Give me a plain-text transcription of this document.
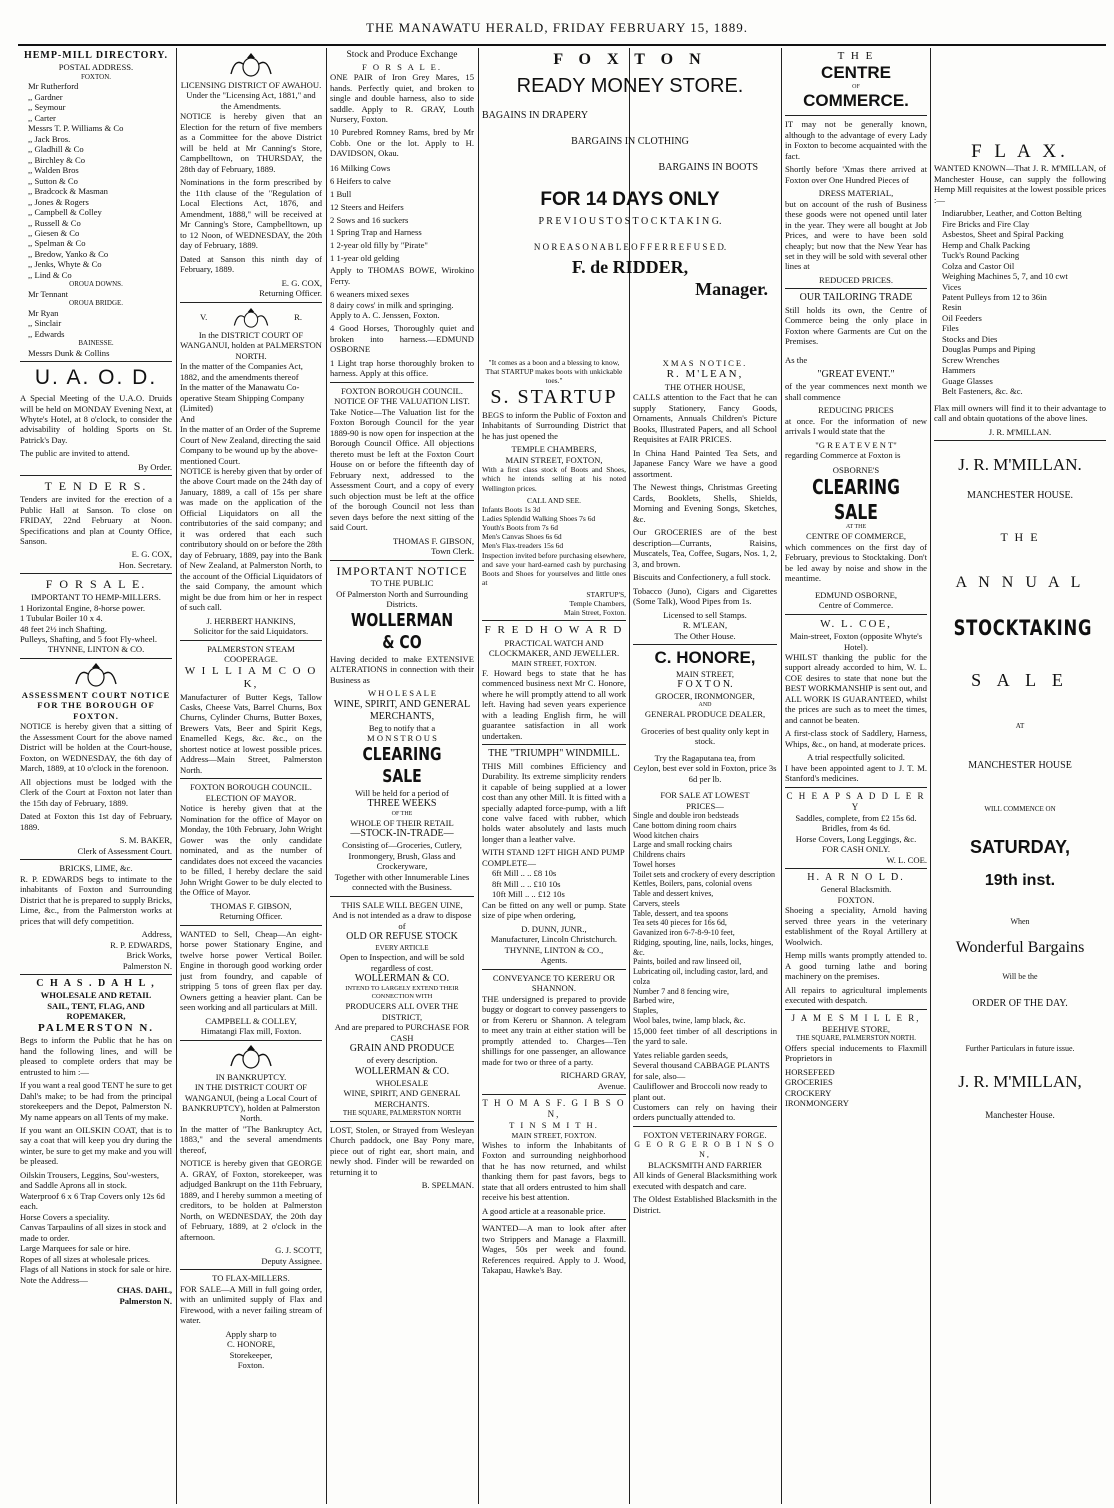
THE MANAWATU HERALD, FRIDAY FEBRUARY 15, 1889.
HEMP-MILL DIRECTORY.
POSTAL ADDRESS.
FOXTON.
Mr Rutherford
,, Gardner
,, Seymour
,, Carter
Messrs T. P. Williams & Co
,, Jack Bros.
,, Gladhill & Co
,, Birchley & Co
,, Walden Bros
,, Sutton & Co
,, Bradcock & Masman
,, Jones & Rogers
,, Campbell & Colley
,, Russell & Co
,, Giesen & Co
,, Spelman & Co
,, Bredow, Yanko & Co
,, Jenks, Whyte & Co
,, Lind & Co
OROUA DOWNS.
Mr Tennant
OROUA BRIDGE.
Mr Ryan
,, Sinclair
,, Edwards
BAINESSE.
Messrs Dunk & Collins
U. A. O. D.

A Special Meeting of the U.A.O. Druids will be held on MONDAY Evening Next, at Whyte's Hotel, at 8 o'clock, to consider the advisability of holding Sports on St. Patrick's Day.

The public are invited to attend.

By Order.
T E N D E R S.

Tenders are invited for the erection of a Public Hall at Sanson. To close on FRIDAY, 22nd February at Noon. Specifications and plan at County Office, Sanson.

E. G. COX,
Hon. Secretary.
F O R S A L E.
IMPORTANT TO HEMP-MILLERS.
1 Horizontal Engine, 8-horse power.
1 Tubular Boiler 10 x 4.
48 feet 2½ inch Shafting.
Pulleys, Shafting, and 5 foot Fly-wheel.
THYNNE, LINTON & CO.
ASSESSMENT COURT NOTICE FOR THE BOROUGH OF FOXTON.

NOTICE is hereby given that a sitting of the Assessment Court for the above named District will be holden at the Court-house, Foxton, on WEDNESDAY, the 6th day of March, 1889, at 10 o'clock in the forenoon.

All objections must be lodged with the Clerk of the Court at Foxton not later than the 15th day of February, 1889.

Dated at Foxton this 1st day of February, 1889.

S. M. BAKER,
Clerk of Assessment Court.
BRICKS, LIME, &c.

R. P. EDWARDS begs to intimate to the inhabitants of Foxton and Surrounding District that he is prepared to supply Bricks, Lime, &c., from the Palmerston works at prices that will defy competition.

Address,
R. P. EDWARDS,
Brick Works,
Palmerston N.
C H A S . D A H L ,
WHOLESALE AND RETAIL
SAIL, TENT, FLAG, AND
ROPEMAKER,
PALMERSTON N.

Begs to inform the Public that he has on hand the following lines, and will be pleased to complete orders that may be entrusted to him :—

If you want a real good TENT he sure to get Dahl's make; to be had from the principal storekeepers and the Depot, Palmerston N. My name appears on all Tents of my make.

If you want an OILSKIN COAT, that is to say a coat that will keep you dry during the winter, be sure to get my make and you will be pleased.

Oilskin Trousers, Leggins, Sou'-westers, and Saddle Aprons all in stock.
Waterproof 6 x 6 Trap Covers only 12s 6d each.
Horse Covers a speciality.
Canvas Tarpaulins of all sizes in stock and made to order.
Large Marquees for sale or hire.
Ropes of all sizes at wholesale prices.
Flags of all Nations in stock for sale or hire.
Note the Address—
CHAS. DAHL,
Palmerston N.
LICENSING DISTRICT OF AWAHOU.
Under the "Licensing Act, 1881," and the Amendments.

NOTICE is hereby given that an Election for the return of five members as a Committee for the above District will be held at Mr Canning's Store, Campbelltown, on THURSDAY, the 28th day of February, 1889.

Nominations in the form prescribed by the 11th clause of the "Regulation of Local Elections Act, 1876, and Amendment, 1888," will be received at Mr Canning's Store, Campbelltown, up to 12 Noon, of WEDNESDAY, the 20th day of February, 1889.

Dated at Sanson this ninth day of February, 1889.

E. G. COX,
Returning Officer.
V.	R.
In the DISTRICT COURT OF WANGANUI, holden at PALMERSTON NORTH.
In the matter of the Companies Act, 1882, and the amendments thereof
In the matter of the Manawatu Co-operative Steam Shipping Company (Limited)
And
In the matter of an Order of the Supreme Court of New Zealand, directing the said Company to be wound up by the above-mentioned Court.

NOTICE is hereby given that by order of the above Court made on the 24th day of January, 1889, a call of 15s per share was made on the application of the Official Liquidators on all the contributories of the said company; and it was ordered that each such contributory should on or before the 28th day of February, 1889, pay into the Bank of New Zealand, at Palmerston North, to the account of the Official Liquidators of the said Company, the amount which might be due from him or her in respect of such call.

J. HERBERT HANKINS,
Solicitor for the said Liquidators.
PALMERSTON STEAM COOPERAGE.
W I L L I A M C O O K,

Manufacturer of Butter Kegs, Tallow Casks, Cheese Vats, Barrel Churns, Box Churns, Cylinder Churns, Butter Boxes, Brewers Vats, Beer and Spirit Kegs, Enamelled Kegs, &c. &c., on the shortest notice at lowest possible prices. Address—Main Street, Palmerston North.

FOXTON BOROUGH COUNCIL.
ELECTION OF MAYOR.

Notice is hereby given that at the Nomination for the office of Mayor on Monday, the 10th February, John Wright Gower was the only candidate nominated, and as the number of candidates does not exceed the vacancies to be filled, I hereby declare the said John Wright Gower to be duly elected to the Office of Mayor.

THOMAS F. GIBSON,
Returning Officer.

WANTED to Sell, Cheap—An eight-horse power Stationary Engine, and twelve horse power Vertical Boiler. Engine in thorough good working order just from foundry, and capable of stripping 5 tons of green flax per day. Owners getting a heavier plant. Can be seen working and all particulars at Mill.

CAMPBELL & COLLEY,
Himatangi Flax mill, Foxton.
IN BANKRUPTCY.
IN THE DISTRICT COURT OF WANGANUI, (being a Local Court of BANKRUPTCY), holden at Palmerston North.

In the matter of "The Bankruptcy Act, 1883," and the several amendments thereof,

NOTICE is hereby given that GEORGE A. GRAY, of Foxton, storekeeper, was adjudged Bankrupt on the 11th February, 1889, and I hereby summon a meeting of creditors, to be holden at Palmerston North, on WEDNESDAY, the 20th day of February, 1889, at 2 o'clock in the afternoon.

G. J. SCOTT,
Deputy Assignee.
TO FLAX-MILLERS.

FOR SALE—A Mill in full going order, with an unlimited supply of Flax and Firewood, with a never failing stream of water.

Apply sharp to
C. HONORE,
Storekeeper,
Foxton.
Stock and Produce Exchange
F O R S A L E.

ONE PAIR of Iron Grey Mares, 15 hands. Perfectly quiet, and broken to single and double harness, also to side saddle. Apply to R. GRAY, Louth Nursery, Foxton.

10 Purebred Romney Rams, bred by Mr Cobb. One or the lot. Apply to H. DAVIDSON, Okau.

16 Milking Cows
6 Heifers to calve
1 Bull
12 Steers and Heifers
2 Sows and 16 suckers
1 Spring Trap and Harness
1 2-year old filly by "Pirate"
1 1-year old gelding

Apply to THOMAS BOWE, Wirokino Ferry.

6 weaners mixed sexes
8 dairy cows' in milk and springing.

Apply to A. C. Jenssen, Foxton.

4 Good Horses, Thoroughly quiet and broken into harness.—EDMUND OSBORNE

1 Light trap horse thoroughly broken to harness. Apply at this office.

FOXTON BOROUGH COUNCIL.
NOTICE OF THE VALUATION LIST.

Take Notice—The Valuation list for the Foxton Borough Council for the year 1889-90 is now open for inspection at the Borough Council Office. All objections thereto must be left at the Foxton Court House on or before the fifteenth day of February next, addressed to the Assessment Court, and a copy of every such objection must be left at the office of the borough Council not less than seven days before the next sitting of the said Court.

THOMAS F. GIBSON,
Town Clerk.
IMPORTANT NOTICE
TO THE PUBLIC
Of Palmerston North and Surrounding Districts.
WOLLERMAN & CO

Having decided to make EXTENSIVE ALTERATIONS in connection with their Business as

W H O L E S A L E
WINE, SPIRIT, AND GENERAL MERCHANTS,
Beg to notify that a
M O N S T R O U S
CLEARING SALE
Will be held for a period of
THREE WEEKS
OF THE
WHOLE OF THEIR RETAIL
—STOCK-IN-TRADE—
Consisting of—Groceries, Cutlery, Ironmongery, Brush, Glass and Crockeryware,
Together with other Innumerable Lines connected with the Business.
THIS SALE WILL BEGEN UINE,
And is not intended as a draw to dispose of
OLD OR REFUSE STOCK
EVERY ARTICLE
Open to Inspection, and will be sold regardless of cost.
WOLLERMAN & CO.
INTEND TO LARGELY EXTEND THEIR CONNECTION WITH
PRODUCERS ALL OVER THE DISTRICT,
And are prepared to PURCHASE FOR CASH
GRAIN AND PRODUCE
of every description.
WOLLERMAN & CO.
WHOLESALE
WINE, SPIRIT, AND GENERAL MERCHANTS.
THE SQUARE, PALMERSTON NORTH

LOST, Stolen, or Strayed from Wesleyan Church paddock, one Bay Pony mare, piece out of right ear, short main, and newly shod. Finder will be rewarded on returning it to

B. SPELMAN.
F O X T O N
READY MONEY STORE.
BAGAINS IN DRAPERY
BARGAINS IN CLOTHING
BARGAINS IN BOOTS
FOR 14 DAYS ONLY
P R E V I O U S T O S T O C K T A K I N G.
N O R E A S O N A B L E O F F E R R E F U S E D.
F. de RIDDER,
Manager.
"It comes as a boon and a blessing to know,
That STARTUP makes boots with unkickable toes."
S. STARTUP

BEGS to inform the Public of Foxton and Inhabitants of Surrounding District that he has just opened the

TEMPLE CHAMBERS,
MAIN STREET, FOXTON,

With a first class stock of Boots and Shoes, which he intends selling at his noted Wellington prices.

CALL AND SEE.
Infants Boots 1s 3d
Ladies Splendid Walking Shoes 7s 6d
Youth's Boots from 7s 6d
Men's Canvas Shoes 6s 6d
Men's Flax-treaders 15s 6d

Inspection invited before purchasing elsewhere, and save your hard-earned cash by purchasing Boots and Shoes for yourselves and little ones at

STARTUP'S,
Temple Chambers,
Main Street, Foxton.
F R E D H O W A R D
PRACTICAL WATCH AND CLOCKMAKER, AND JEWELLER.
MAIN STREET, FOXTON.

F. Howard begs to state that he has commenced business next Mr C. Honore, where he will promptly attend to all work left. Having had seven years experience with a leading English firm, he will guarantee satisfaction in all work undertaken.

THE "TRIUMPH" WINDMILL.

THIS Mill combines Efficiency and Durability. Its extreme simplicity renders it capable of being supplied at a lower cost than any other Mill. It is fitted with a specially adapted force-pump, with a lift cone valve faced with rubber, which holds water absolutely and lasts much longer than a leather valve.

WITH STAND 12FT HIGH AND PUMP COMPLETE—
6ft Mill .. .. £8 10s
8ft Mill .. .. £10 10s
10ft Mill .. .. £12 10s

Can be fitted on any well or pump. State size of pipe when ordering,

D. DUNN, JUNR.,
Manufacturer, Lincoln Christchurch.
THYNNE, LINTON & CO.,
Agents.
CONVEYANCE TO KERERU OR SHANNON.

THE undersigned is prepared to provide buggy or dogcart to convey passengers to or from Kereru or Shannon. A telegram to meet any train at either station will be promptly attended to. Charges—Ten shillings for one passenger, an allowance made for two or three of a party.

RICHARD GRAY,
Avenue.
T H O M A S F. G I B S O N,
T I N S M I T H.
MAIN STREET, FOXTON.

Wishes to inform the Inhabitants of Foxton and surrounding neighborhood that he has now returned, and whilst thanking them for past favors, begs to state that all orders entrusted to him shall receive his best attention.

A good article at a reasonable price.

WANTED—A man to look after after two Strippers and Manage a Flaxmill. Wages, 50s per week and found. References required. Apply to J. Wood, Takapau, Hawke's Bay.

XMAS NOTICE.
R. M'LEAN,
THE OTHER HOUSE,

CALLS attention to the Fact that he can supply Stationery, Fancy Goods, Ornaments, Annuals Children's Picture Books, Illustrated Papers, and all School Requisites at FAIR PRICES.

In China Hand Painted Tea Sets, and Japanese Fancy Ware we have a good assortment.

The Newest things, Christmas Greeting Cards, Booklets, Shells, Shields, Morning and Evening Songs, Sketches, &c.

Our GROCERIES are of the best description—Currants, Raisins, Muscatels, Tea, Coffee, Sugars, Nos. 1, 2, 3, and brown.

Biscuits and Confectionery, a full stock.

Tobacco (Juno), Cigars and Cigarettes (Some Talk), Wood Pipes from 1s.

Licensed to sell Stamps.
R. M'LEAN,
The Other House.
C. HONORE,
MAIN STREET,
F O X T O N.
GROCER, IRONMONGER,
AND
GENERAL PRODUCE DEALER,
Groceries of best quality only kept in stock.
Try the Ragaputana tea, from
Ceylon, best ever sold in Foxton, price 3s 6d per lb.
FOR SALE AT LOWEST
PRICES—
Single and double iron bedsteads
Cane bottom dining room chairs
Wood kitchen chairs
Large and small rocking chairs
Childrens chairs
Towel horses
Toilet sets and crockery of every description
Kettles, Boilers, pans, colonial ovens
Table and dessert knives,
Carvers, steels
Table, dessert, and tea spoons
Tea sets 40 pieces for 16s 6d,
Gavanized iron 6-7-8-9-10 feet,
Ridging, spouting, line, nails, locks, hinges, &c.
Paints, boiled and raw linseed oil,
Lubricating oil, including castor, lard, and colza
Number 7 and 8 fencing wire,
Barbed wire,
Staples,
Wool bales, twine, lamp black, &c.

15,000 feet timber of all descriptions in the yard to sale.

Yates reliable garden seeds,
Several thousand CABBAGE PLANTS for sale, also—
Cauliflower and Broccoli now ready to plant out.

Customers can rely on having their orders punctually attended to.

FOXTON VETERINARY FORGE.
G E O R G E R O B I N S O N,
BLACKSMITH AND FARRIER

All kinds of General Blacksmithing work executed with despatch and care.

The Oldest Established Blacksmith in the District.

T H E
CENTRE
OF
COMMERCE.

IT may not be generally known, although to the advantage of every Lady in Foxton to become acquainted with the fact.

Shortly before 'Xmas there arrived at Foxton over One Hundred Pieces of

DRESS MATERIAL,

but on account of the rush of Business these goods were not opened until later in the year. They were all bought at Job Prices, and were to have been sold cheaply; but now that the New Year has set in they will be sold with several other lines at

REDUCED PRICES.
OUR TAILORING TRADE

Still holds its own, the Centre of Commerce being the only place in Foxton where Garments are Cut on the Premises.

As the
"GREAT EVENT."

of the year commences next month we shall commence

REDUCING PRICES

at once. For the information of new arrivals I would state that the

"G R E A T E V E N T"
regarding Commerce at Foxton is
OSBORNE'S
CLEARING SALE
AT THE
CENTRE OF COMMERCE,

which commences on the first day of February, previous to Stocktaking. Don't be led away by noise and show in the meantime.

EDMUND OSBORNE,
Centre of Commerce.
W. L. COE,
Main-street, Foxton (opposite Whyte's Hotel).

WHILST thanking the public for the support already accorded to him, W. L. COE desires to state that none but the BEST WORKMANSHIP is sent out, and ALL WORK IS GUARANTEED, whilst the prices are such as to meet the times, and cannot be beaten.

A first-class stock of Saddlery, Harness, Whips, &c., on hand, at moderate prices.

A trial respectfully solicited.

I have been appointed agent to J. T. M. Stanford's medicines.

C H E A P S A D D L E R Y
Saddles, complete, from £2 15s 6d.
Bridles, from 4s 6d.
Horse Covers, Long Leggings, &c.
FOR CASH ONLY.
W. L. COE.
H. A R N O L D.
General Blacksmith.
FOXTON.

Shoeing a speciality, Arnold having served three years in the veterinary establishment of the Royal Artillery at Woolwich.

Hemp mills wants promptly attended to. A good turning lathe and boring machinery on the premises.

All repairs to agricultural implements executed with despatch.

J A M E S M I L L E R,
BEEHIVE STORE,
THE SQUARE, PALMERSTON NORTH.

Offers special inducements to Flaxmill Proprietors in

HORSEFEED
GROCERIES
CROCKERY
IRONMONGERY
F L A X.

WANTED KNOWN—That J. R. M'MILLAN, of Manchester House, can supply the following Hemp Mill requisites at the lowest possible prices :—

Indiarubber, Leather, and Cotton Belting
Fire Bricks and Fire Clay
Asbestos, Sheet and Spiral Packing
Hemp and Chalk Packing
Tuck's Round Packing
Colza and Castor Oil
Weighing Machines 5, 7, and 10 cwt
Vices
Patent Pulleys from 12 to 36in
Resin
Oil Feeders
Files
Stocks and Dies
Douglas Pumps and Piping
Screw Wrenches
Hammers
Guage Glasses
Belt Fasteners, &c. &c.

Flax mill owners will find it to their advantage to call and obtain quotations of the above lines.

J. R. M'MILLAN.
J. R. M'MILLAN.
MANCHESTER HOUSE.
T H E
A N N U A L
STOCKTAKING
S A L E
AT
MANCHESTER HOUSE
WILL COMMENCE ON
SATURDAY,
19th inst.
When
Wonderful Bargains
Will be the
ORDER OF THE DAY.
Further Particulars in future issue.
J. R. M'MILLAN,
Manchester House.
